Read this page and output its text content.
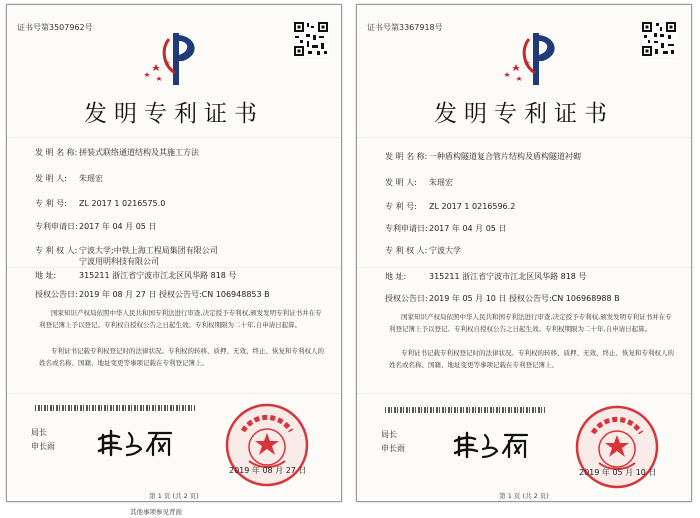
证书号第3507962号
发明专利证书
发 明 名 称: 拼装式联络通道结构及其施工方法
发 明 人: 朱瑶宏
专 利 号: ZL 2017 1 0216575.0
专利申请日:2017 年 04 月 05 日
专 利 权 人: 宁波大学;中铁上海工程局集团有限公司
宁波用明科技有限公司
地 址:	315211 浙江省宁波市江北区风华路 818 号
授权公告日:2019 年 08 月 27 日 授权公告号:CN 106948853 B
国家知识产权局依照中华人民共和国专利法进行审查,决定授予专利权,颁发发明专利证书并在专利登记簿上予以登记。专利权自授权公告之日起生效。专利权期限为二十年,自申请日起算。
专利证书记载专利权登记时的法律状况。专利权的转移、质押、无效、终止、恢复和专利权人的姓名或名称、国籍、地址变更等事项记载在专利登记簿上。
局长
申长雨
2019 年 08 月 27 日
第 1 页 (共 2 页)
证书号第3367918号
发明专利证书
发 明 名 称: 一种盾构隧道复合管片结构及盾构隧道衬砌
发 明 人: 朱瑶宏
专 利 号: ZL 2017 1 0216596.2
专利申请日:2017 年 04 月 05 日
专 利 权 人: 宁波大学
地 址:	315211 浙江省宁波市江北区风华路 818 号
授权公告日:2019 年 05 月 10 日 授权公告号:CN 106968988 B
国家知识产权局依照中华人民共和国专利法进行审查,决定授予专利权,颁发发明专利证书并在专利登记簿上予以登记。专利权自授权公告之日起生效。专利权期限为二十年,自申请日起算。
专利证书记载专利权登记时的法律状况。专利权的转移、质押、无效、终止、恢复和专利权人的姓名或名称、国籍、地址变更等事项记载在专利登记簿上。
局长
申长雨
2019 年 05 月 10 日
第 1 页 (共 2 页)
其他事项参见背面
